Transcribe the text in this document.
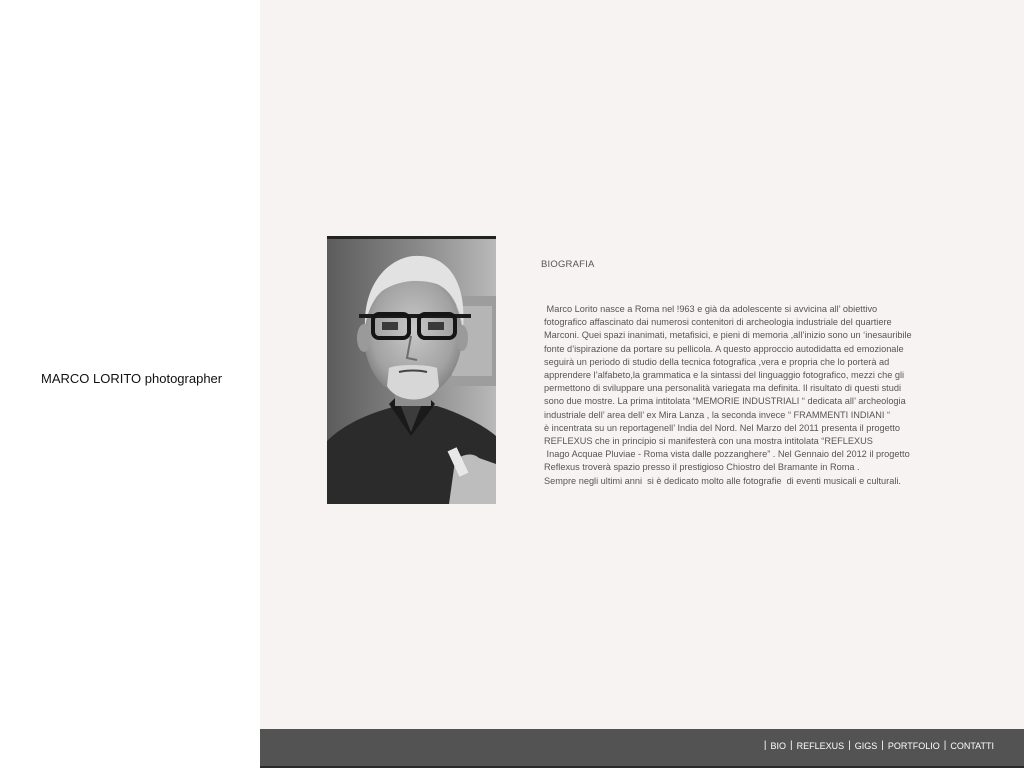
MARCO LORITO photographer
BIOGRAFIA
Marco Lorito nasce a Roma nel !963 e già da adolescente si avvicina all’ obiettivo
fotografico affascinato dai numerosi contenitori di archeologia industriale del quartiere
Marconi. Quei spazi inanimati, metafisici, e pieni di memoria ,all’inizio sono un ‘inesauribile
fonte d’ispirazione da portare su pellicola. A questo approccio autodidatta ed emozionale
seguirà un periodo di studio della tecnica fotografica ,vera e propria che lo porterà ad
apprendere l’alfabeto,la grammatica e la sintassi del linguaggio fotografico, mezzi che gli
permettono di sviluppare una personalità variegata ma definita. Il risultato di questi studi
sono due mostre. La prima intitolata “MEMORIE INDUSTRIALI “ dedicata all’ archeologia
industriale dell’ area dell’ ex Mira Lanza , la seconda invece “ FRAMMENTI INDIANI “
è incentrata su un reportagenell’ India del Nord. Nel Marzo del 2011 presenta il progetto
REFLEXUS che in principio si manifesterà con una mostra intitolata “REFLEXUS
Inago Acquae Pluviae - Roma vista dalle pozzanghere” . Nel Gennaio del 2012 il progetto
Reflexus troverà spazio presso il prestigioso Chiostro del Bramante in Roma .
Sempre negli ultimi anni  si è dedicato molto alle fotografie  di eventi musicali e culturali.
| BIO | REFLEXUS | GIGS | PORTFOLIO | CONTATTI
